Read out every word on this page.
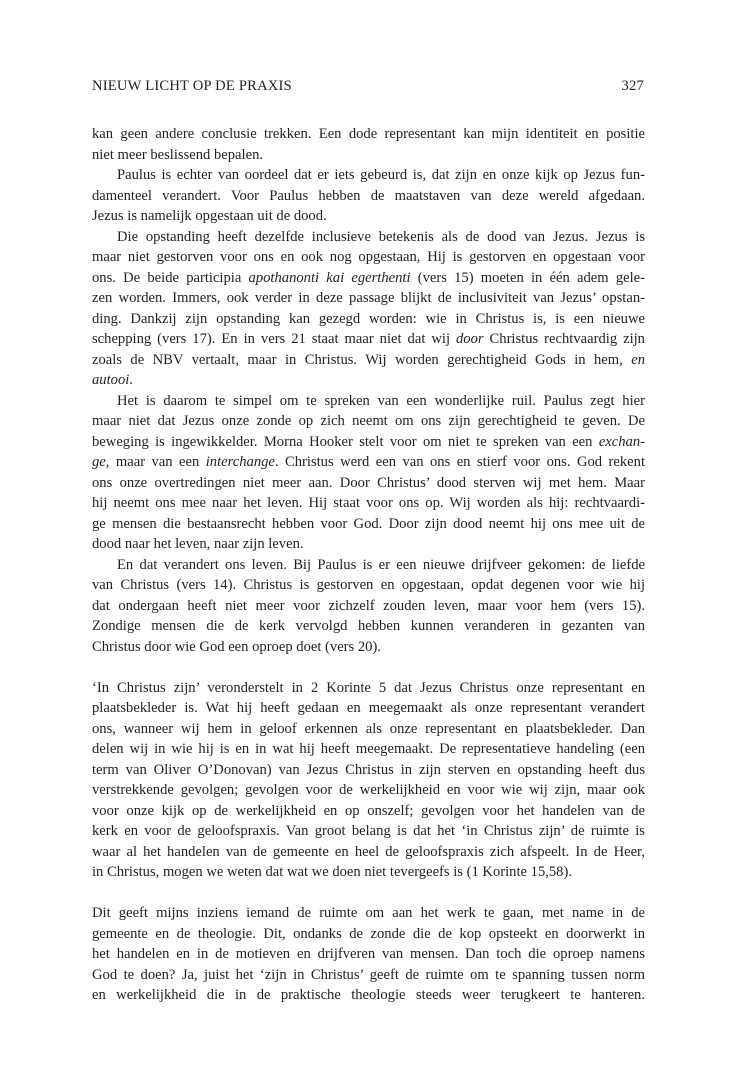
NIEUW LICHT OP DE PRAXIS	327

kan geen andere conclusie trekken. Een dode representant kan mijn identiteit en positie

niet meer beslissend bepalen.

Paulus is echter van oordeel dat er iets gebeurd is, dat zijn en onze kijk op Jezus fun-

damenteel verandert. Voor Paulus hebben de maatstaven van deze wereld afgedaan.

Jezus is namelijk opgestaan uit de dood.

Die opstanding heeft dezelfde inclusieve betekenis als de dood van Jezus. Jezus is

maar niet gestorven voor ons en ook nog opgestaan, Hij is gestorven en opgestaan voor

ons. De beide participia apothanonti kai egerthenti (vers 15) moeten in één adem gele-

zen worden. Immers, ook verder in deze passage blijkt de inclusiviteit van Jezus’ opstan-

ding. Dankzij zijn opstanding kan gezegd worden: wie in Christus is, is een nieuwe

schepping (vers 17). En in vers 21 staat maar niet dat wij door Christus rechtvaardig zijn

zoals de NBV vertaalt, maar in Christus. Wij worden gerechtigheid Gods in hem, en

autooi.

Het is daarom te simpel om te spreken van een wonderlijke ruil. Paulus zegt hier

maar niet dat Jezus onze zonde op zich neemt om ons zijn gerechtigheid te geven. De

beweging is ingewikkelder. Morna Hooker stelt voor om niet te spreken van een exchan-

ge, maar van een interchange. Christus werd een van ons en stierf voor ons. God rekent

ons onze overtredingen niet meer aan. Door Christus’ dood sterven wij met hem. Maar

hij neemt ons mee naar het leven. Hij staat voor ons op. Wij worden als hij: rechtvaardi-

ge mensen die bestaansrecht hebben voor God. Door zijn dood neemt hij ons mee uit de

dood naar het leven, naar zijn leven.

En dat verandert ons leven. Bij Paulus is er een nieuwe drijfveer gekomen: de liefde

van Christus (vers 14). Christus is gestorven en opgestaan, opdat degenen voor wie hij

dat ondergaan heeft niet meer voor zichzelf zouden leven, maar voor hem (vers 15).

Zondige mensen die de kerk vervolgd hebben kunnen veranderen in gezanten van

Christus door wie God een oproep doet (vers 20).

‘In Christus zijn’ veronderstelt in 2 Korinte 5 dat Jezus Christus onze representant en

plaatsbekleder is. Wat hij heeft gedaan en meegemaakt als onze representant verandert

ons, wanneer wij hem in geloof erkennen als onze representant en plaatsbekleder. Dan

delen wij in wie hij is en in wat hij heeft meegemaakt. De representatieve handeling (een

term van Oliver O’Donovan) van Jezus Christus in zijn sterven en opstanding heeft dus

verstrekkende gevolgen; gevolgen voor de werkelijkheid en voor wie wij zijn, maar ook

voor onze kijk op de werkelijkheid en op onszelf; gevolgen voor het handelen van de

kerk en voor de geloofspraxis. Van groot belang is dat het ‘in Christus zijn’ de ruimte is

waar al het handelen van de gemeente en heel de geloofspraxis zich afspeelt. In de Heer,

in Christus, mogen we weten dat wat we doen niet tevergeefs is (1 Korinte 15,58).

Dit geeft mijns inziens iemand de ruimte om aan het werk te gaan, met name in de

gemeente en de theologie. Dit, ondanks de zonde die de kop opsteekt en doorwerkt in

het handelen en in de motieven en drijfveren van mensen. Dan toch die oproep namens

God te doen? Ja, juist het ‘zijn in Christus’ geeft de ruimte om te spanning tussen norm

en werkelijkheid die in de praktische theologie steeds weer terugkeert te hanteren.
